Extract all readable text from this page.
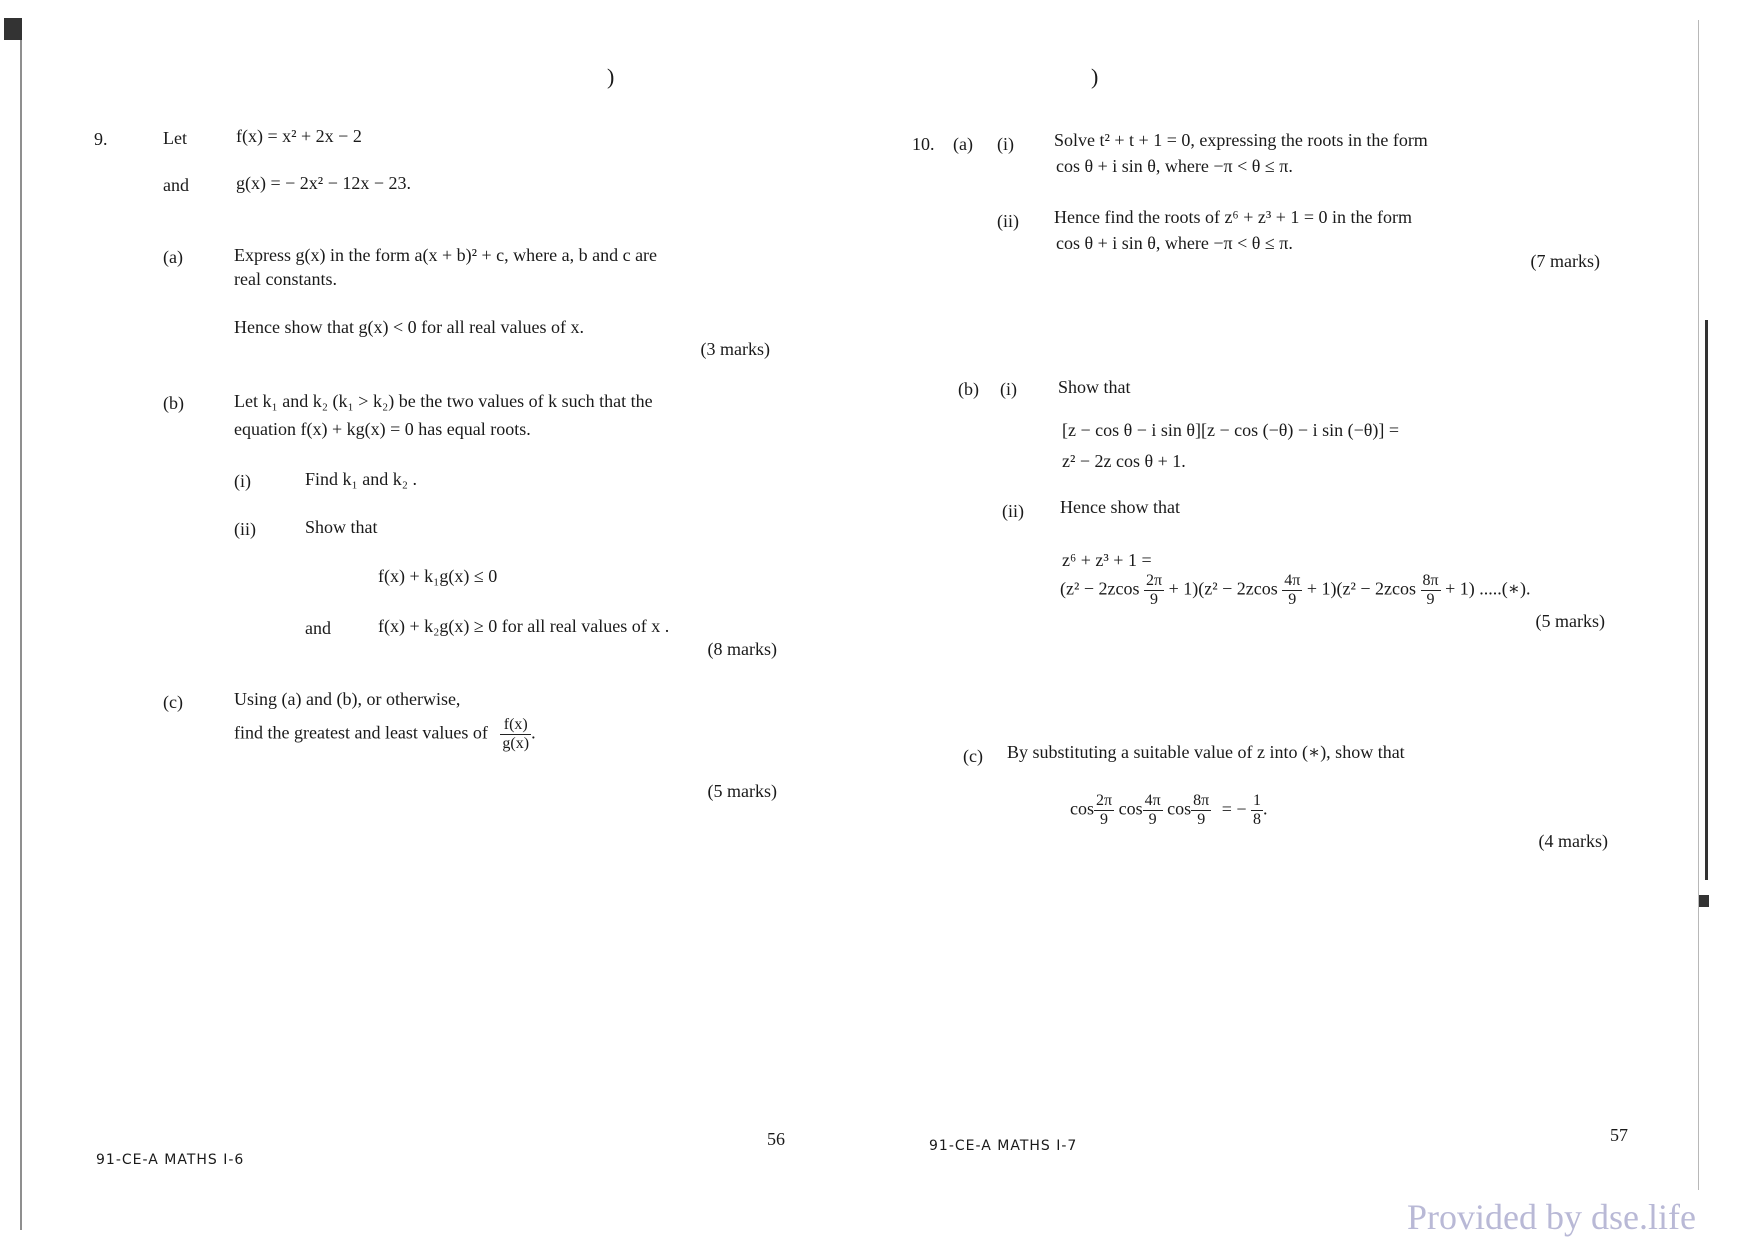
)	)
9.	Let	f(x) = x² + 2x − 2
and	g(x) = − 2x² − 12x − 23.
(a)	Express g(x) in the form a(x + b)² + c, where a, b and c are
real constants.
Hence show that g(x) < 0 for all real values of x.
(3 marks)
(b)	Let k₁ and k₂ (k₁ > k₂) be the two values of k such that the
equation f(x) + kg(x) = 0 has equal roots.
(i)	Find k₁ and k₂ .
(ii)	Show that
f(x) + k₁g(x) ≤ 0
and	f(x) + k₂g(x) ≥ 0 for all real values of x .
(8 marks)
(c)	Using (a) and (b), or otherwise,
find the greatest and least values of $\frac{f(x)}{g(x)}$ .
(5 marks)
56
91-CE-A MATHS I-6
10. (a) (i) Solve t² + t + 1 = 0, expressing the roots in the form
cos θ + i sin θ, where −π < θ ≤ π.
(ii) Hence find the roots of z⁶ + z³ + 1 = 0 in the form
cos θ + i sin θ, where −π < θ ≤ π.
(7 marks)
(b) (i) Show that
[z − cos θ − i sin θ][z − cos (−θ) − i sin (−θ)] =
z² − 2z cos θ + 1.
(ii) Hence show that
z⁶ + z³ + 1 =
$(z^2 - 2zcos \frac{2\pi}{9} + 1)(z^2 - 2zcos \frac{4\pi}{9} + 1)(z^2 - 2zcos \frac{8\pi}{9} + 1)$ .....(∗).
(5 marks)
(c) By substituting a suitable value of z into (∗), show that
$\cos \frac{2\pi}{9}$ $\cos \frac{4\pi}{9}$ $\cos \frac{8\pi}{9}$ = − $\frac{1}{8}$ .
(4 marks)
57
91-CE-A MATHS I-7
Provided by dse.life
